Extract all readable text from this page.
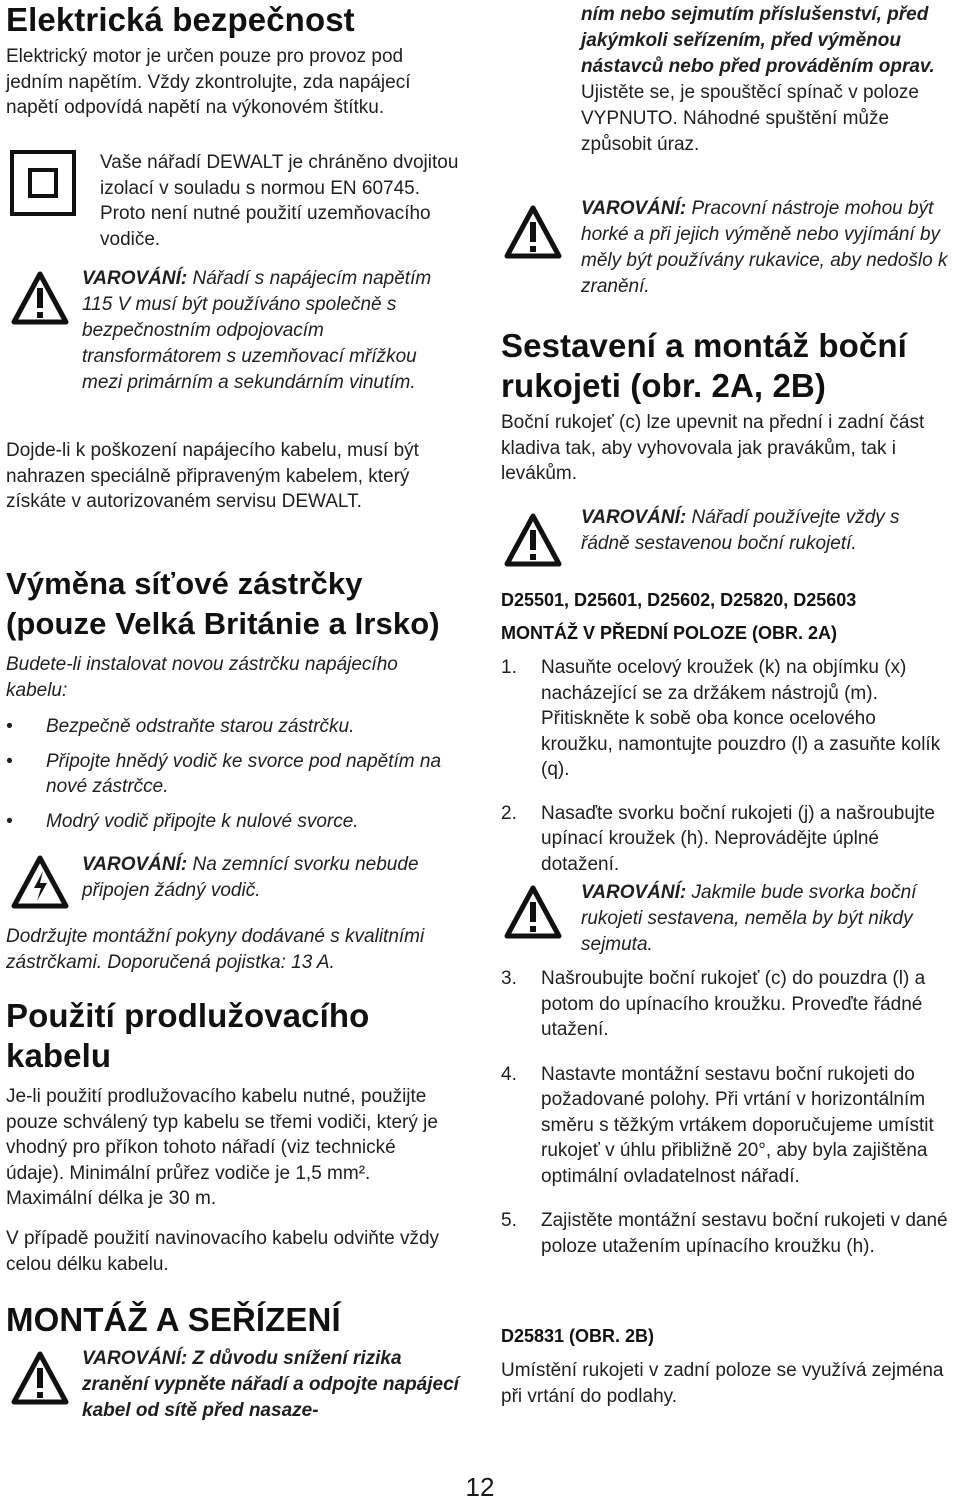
Elektrická bezpečnost

Elektrický motor je určen pouze pro provoz pod jedním napětím. Vždy zkontrolujte, zda napájecí napětí odpovídá napětí na výkonovém štítku.

Vaše nářadí DEWALT je chráněno dvojitou izolací v souladu s normou EN 60745. Proto není nutné použití uzemňovacího vodiče.

VAROVÁNÍ: Nářadí s napájecím napětím 115 V musí být používáno společně s bezpečnostním odpojovacím transformátorem s uzemňovací mřížkou mezi primárním a sekundárním vinutím.

Dojde-li k poškození napájecího kabelu, musí být nahrazen speciálně připraveným kabelem, který získáte v autorizovaném servisu DEWALT.

Výměna síťové zástrčky (pouze Velká Británie a Irsko)

Budete-li instalovat novou zástrčku napájecího kabelu:

• Bezpečně odstraňte starou zástrčku.
• Připojte hnědý vodič ke svorce pod napětím na nové zástrčce.
• Modrý vodič připojte k nulové svorce.

VAROVÁNÍ: Na zemnící svorku nebude připojen žádný vodič.

Dodržujte montážní pokyny dodávané s kvalitními zástrčkami. Doporučená pojistka: 13 A.

Použití prodlužovacího kabelu

Je-li použití prodlužovacího kabelu nutné, použijte pouze schválený typ kabelu se třemi vodiči, který je vhodný pro příkon tohoto nářadí (viz technické údaje). Minimální průřez vodiče je 1,5 mm². Maximální délka je 30 m.

V případě použití navinovacího kabelu odviňte vždy celou délku kabelu.

MONTÁŽ A SEŘÍZENÍ

VAROVÁNÍ: Z důvodu snížení rizika zranění vypněte nářadí a odpojte napájecí kabel od sítě před nasaze-

ním nebo sejmutím příslušenství, před jakýmkoli seřízením, před výměnou nástavců nebo před prováděním oprav. Ujistěte se, je spouštěcí spínač v poloze VYPNUTO. Náhodné spuštění může způsobit úraz.

VAROVÁNÍ: Pracovní nástroje mohou být horké a při jejich výměně nebo vyjímání by měly být používány rukavice, aby nedošlo k zranění.

Sestavení a montáž boční rukojeti (obr. 2A, 2B)

Boční rukojeť (c) lze upevnit na přední i zadní část kladiva tak, aby vyhovovala jak pravákům, tak i levákům.

VAROVÁNÍ: Nářadí používejte vždy s řádně sestavenou boční rukojetí.

D25501, D25601, D25602, D25820, D25603
MONTÁŽ V PŘEDNÍ POLOZE (OBR. 2A)
1. Nasuňte ocelový kroužek (k) na objímku (x) nacházející se za držákem nástrojů (m). Přitiskněte k sobě oba konce ocelového kroužku, namontujte pouzdro (l) a zasuňte kolík (q).
2. Nasaďte svorku boční rukojeti (j) a našroubujte upínací kroužek (h). Neprovádějte úplné dotažení.

VAROVÁNÍ: Jakmile bude svorka boční rukojeti sestavena, neměla by být nikdy sejmuta.

3. Našroubujte boční rukojeť (c) do pouzdra (l) a potom do upínacího kroužku. Proveďte řádné utažení.
4. Nastavte montážní sestavu boční rukojeti do požadované polohy. Při vrtání v horizontálním směru s těžkým vrtákem doporučujeme umístit rukojeť v úhlu přibližně 20°, aby byla zajištěna optimální ovladatelnost nářadí.
5. Zajistěte montážní sestavu boční rukojeti v dané poloze utažením upínacího kroužku (h).
D25831 (OBR. 2B)

Umístění rukojeti v zadní poloze se využívá zejména při vrtání do podlahy.

12
